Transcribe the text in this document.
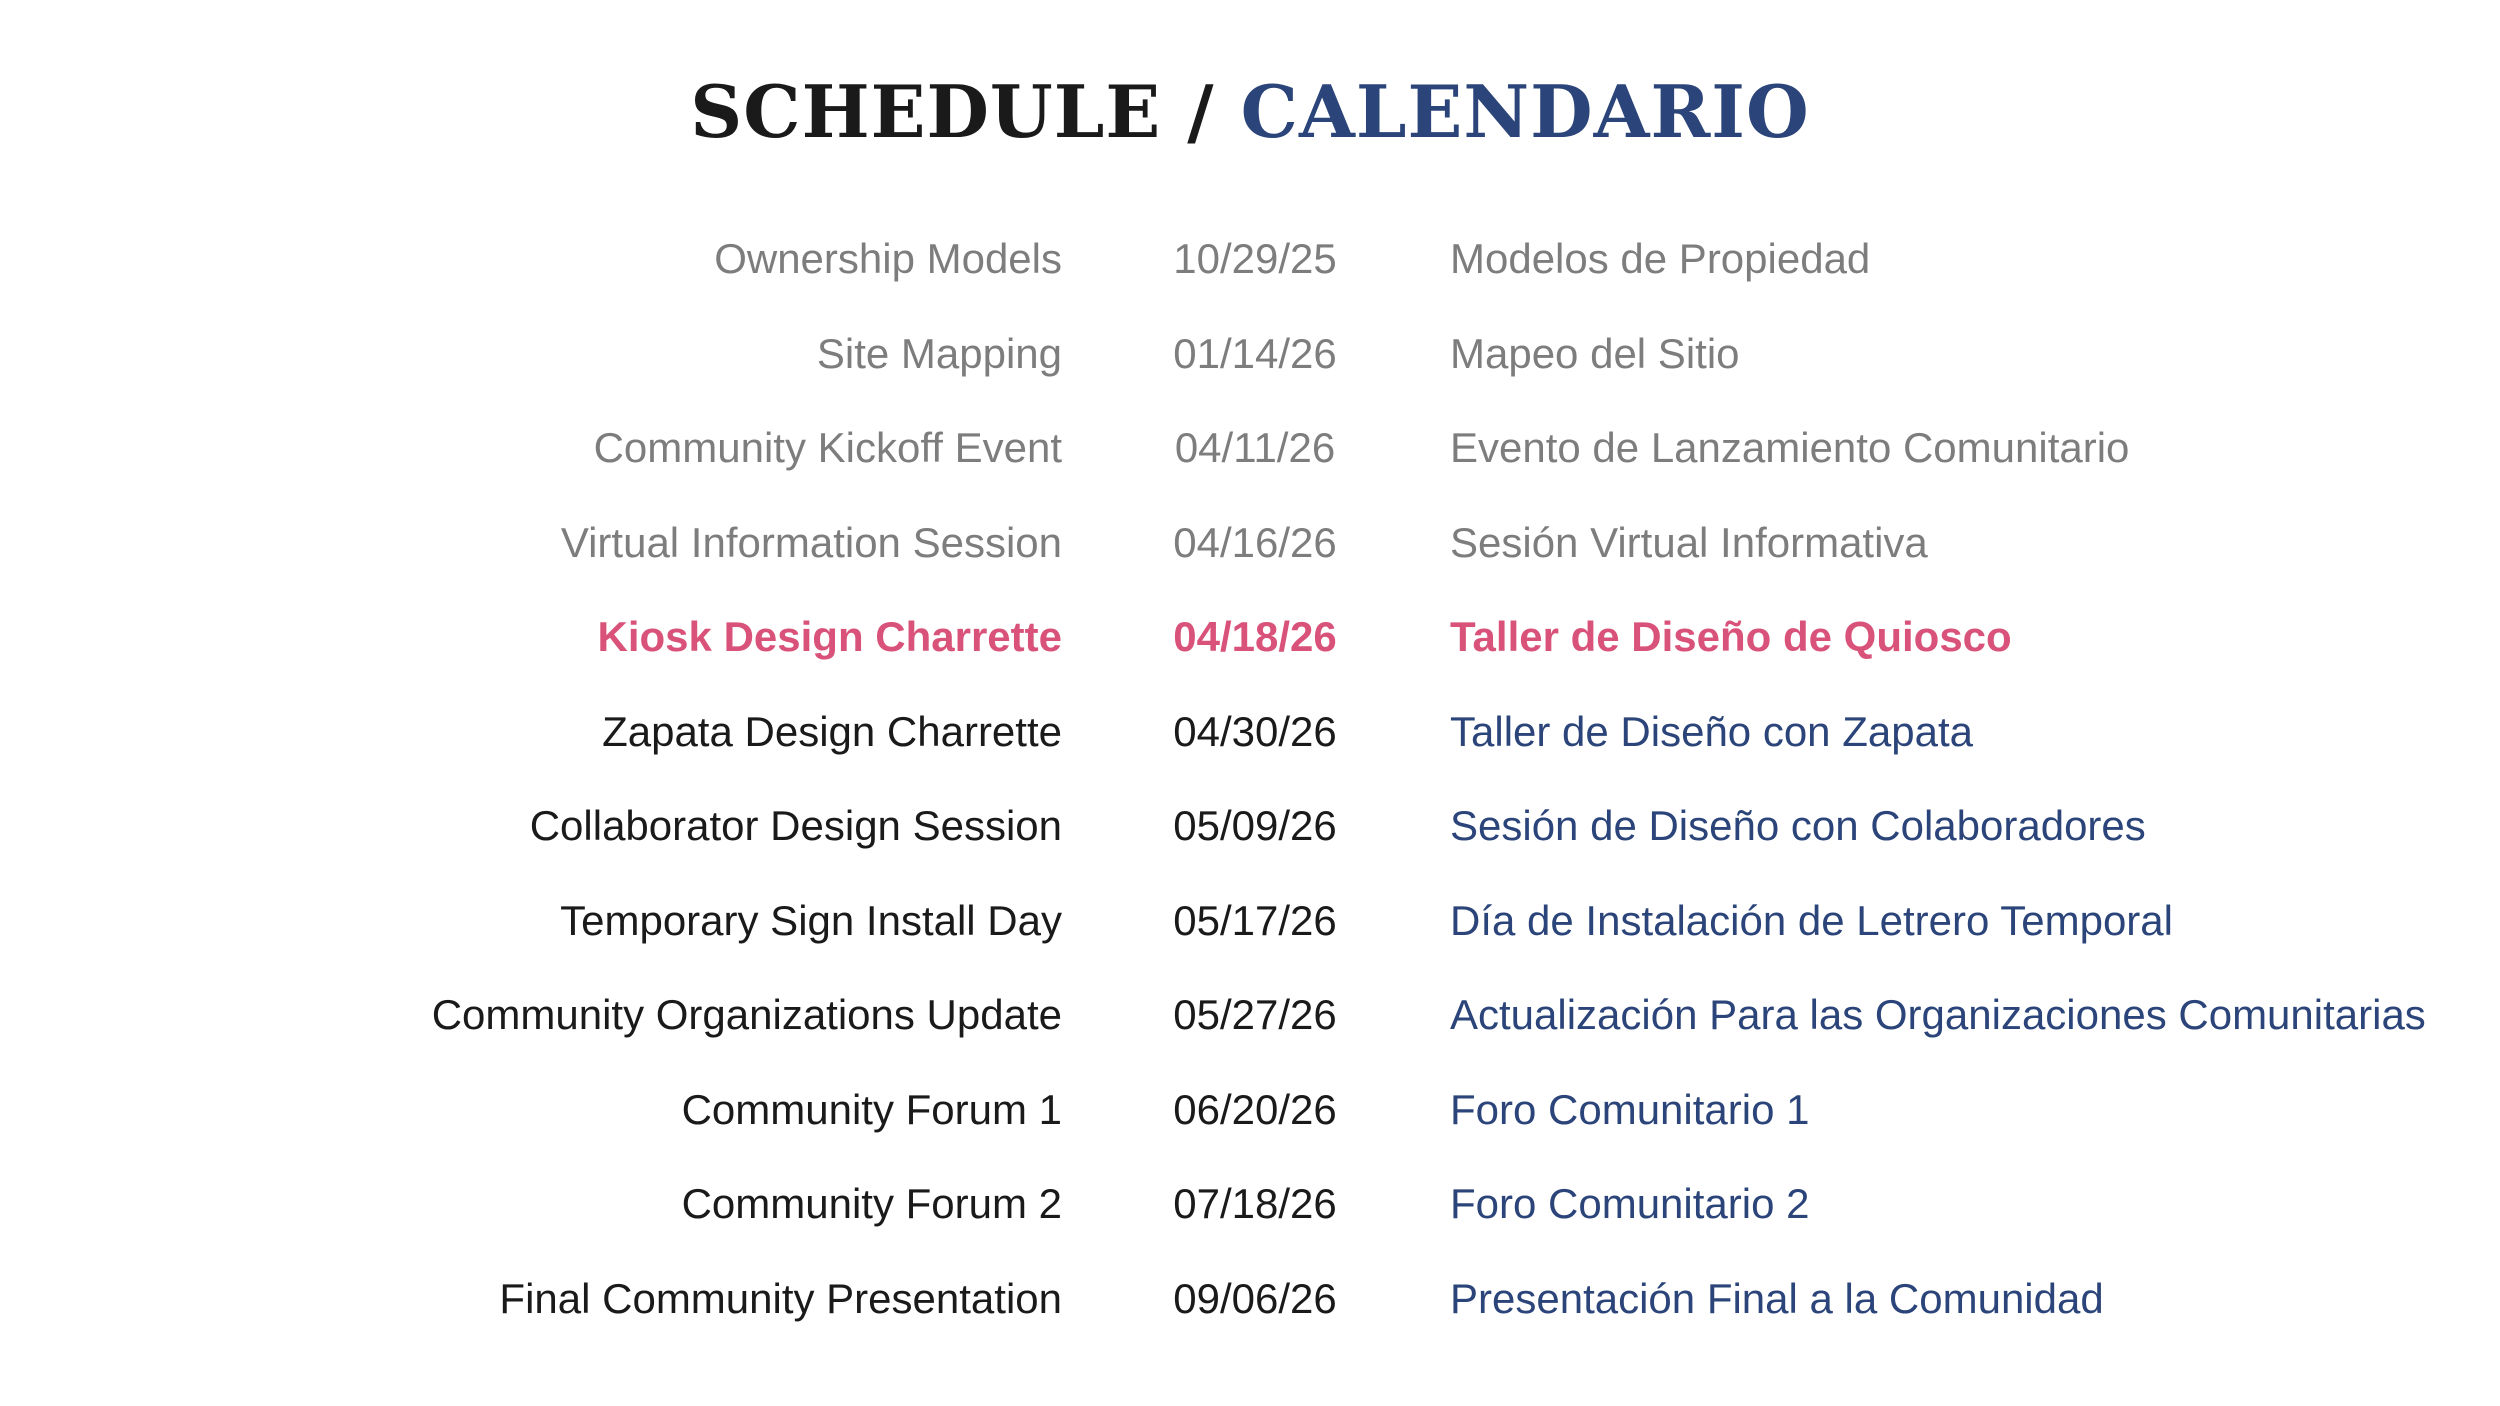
SCHEDULE / CALENDARIO
Ownership Models	10/29/25	Modelos de Propiedad
Site Mapping	01/14/26	Mapeo del Sitio
Community Kickoff Event	04/11/26	Evento de Lanzamiento Comunitario
Virtual Information Session	04/16/26	Sesión Virtual Informativa
Kiosk Design Charrette	04/18/26	Taller de Diseño de Quiosco
Zapata Design Charrette	04/30/26	Taller de Diseño con Zapata
Collaborator Design Session	05/09/26	Sesión de Diseño con Colaboradores
Temporary Sign Install Day	05/17/26	Día de Instalación de Letrero Temporal
Community Organizations Update	05/27/26	Actualización Para las Organizaciones Comunitarias
Community Forum 1	06/20/26	Foro Comunitario 1
Community Forum 2	07/18/26	Foro Comunitario 2
Final Community Presentation	09/06/26	Presentación Final a la Comunidad
